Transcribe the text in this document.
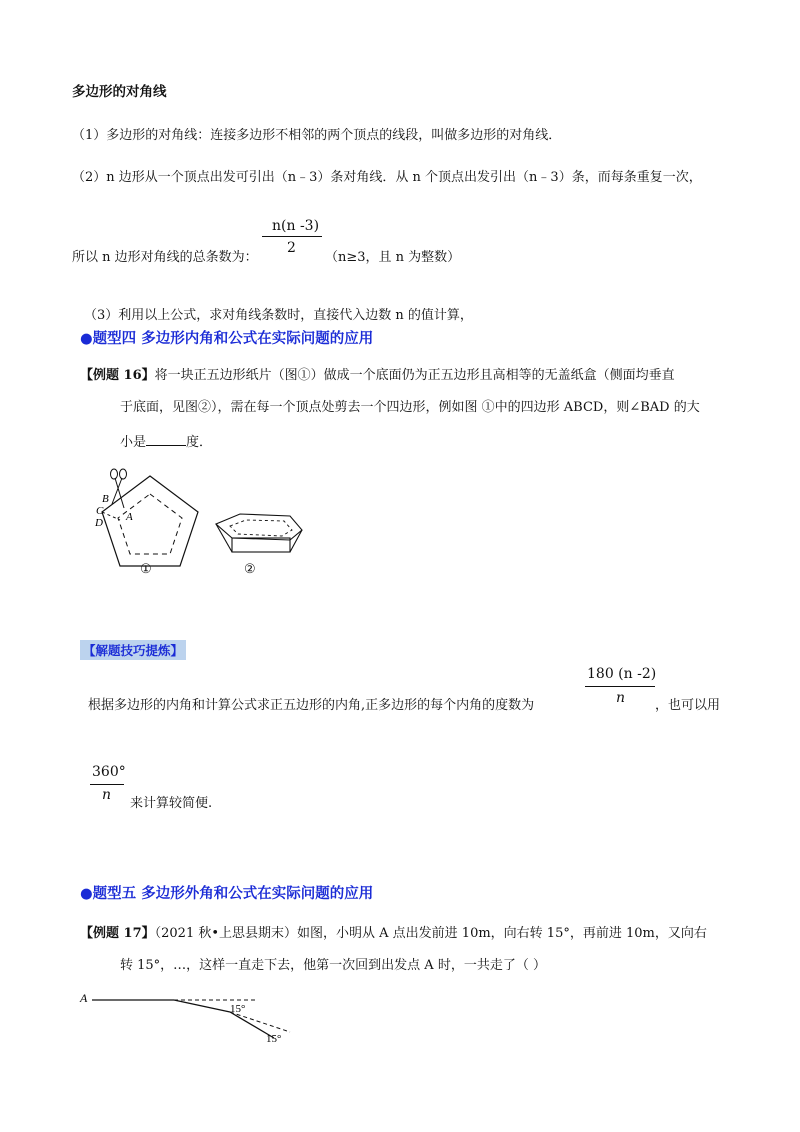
多边形的对角线
（1）多边形的对角线：连接多边形不相邻的两个顶点的线段，叫做多边形的对角线．
（2）n 边形从一个顶点出发可引出（n﹣3）条对角线．从 n 个顶点出发引出（n﹣3）条，而每条重复一次，
n(n -3)
2
所以 n 边形对角线的总条数为：	（n≥3，且 n 为整数）
（3）利用以上公式，求对角线条数时，直接代入边数 n 的值计算，
●题型四 多边形内角和公式在实际问题的应用
【例题 16】将一块正五边形纸片（图①）做成一个底面仍为正五边形且高相等的无盖纸盒（侧面均垂直
于底面，见图②），需在每一个顶点处剪去一个四边形，例如图 ①中的四边形 ABCD，则∠BAD 的大
小是	度．
B
C
D A
①	②
【解题技巧提炼】
180 (n -2)
n
根据多边形的内角和计算公式求正五边形的内角,正多边形的每个内角的度数为	，也可以用
360°
n
来计算较简便.
●题型五 多边形外角和公式在实际问题的应用
【例题 17】（2021 秋•上思县期末）如图，小明从 A 点出发前进 10m，向右转 15°，再前进 10m，又向右
转 15°，…，这样一直走下去，他第一次回到出发点 A 时，一共走了（ ）
A
15°
15°
